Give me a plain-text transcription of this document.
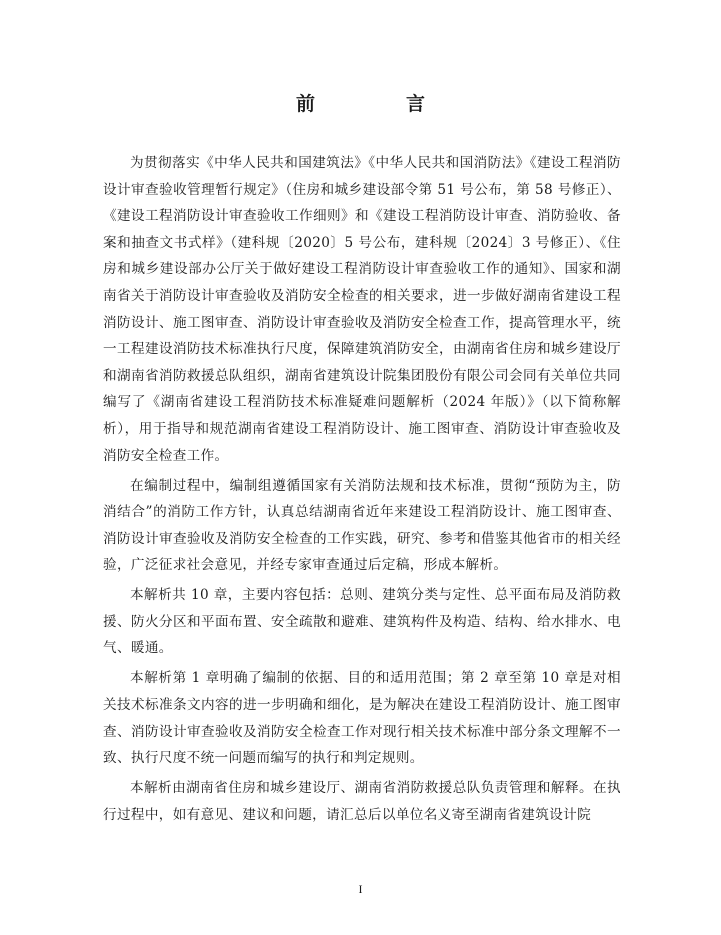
前　言

为贯彻落实《中华人民共和国建筑法》《中华人民共和国消防法》《建设工程消防设计审查验收管理暂行规定》（住房和城乡建设部令第 51 号公布，第 58 号修正）、《建设工程消防设计审查验收工作细则》和《建设工程消防设计审查、消防验收、备案和抽查文书式样》（建科规〔2020〕5 号公布，建科规〔2024〕3 号修正）、《住房和城乡建设部办公厅关于做好建设工程消防设计审查验收工作的通知》、国家和湖南省关于消防设计审查验收及消防安全检查的相关要求，进一步做好湖南省建设工程消防设计、施工图审查、消防设计审查验收及消防安全检查工作，提高管理水平，统一工程建设消防技术标准执行尺度，保障建筑消防安全，由湖南省住房和城乡建设厅和湖南省消防救援总队组织，湖南省建筑设计院集团股份有限公司会同有关单位共同编写了《湖南省建设工程消防技术标准疑难问题解析（2024 年版）》（以下简称解析），用于指导和规范湖南省建设工程消防设计、施工图审查、消防设计审查验收及消防安全检查工作。

在编制过程中，编制组遵循国家有关消防法规和技术标准，贯彻“预防为主，防消结合”的消防工作方针，认真总结湖南省近年来建设工程消防设计、施工图审查、消防设计审查验收及消防安全检查的工作实践，研究、参考和借鉴其他省市的相关经验，广泛征求社会意见，并经专家审查通过后定稿，形成本解析。

本解析共 10 章，主要内容包括：总则、建筑分类与定性、总平面布局及消防救援、防火分区和平面布置、安全疏散和避难、建筑构件及构造、结构、给水排水、电气、暖通。

本解析第 1 章明确了编制的依据、目的和适用范围；第 2 章至第 10 章是对相关技术标准条文内容的进一步明确和细化，是为解决在建设工程消防设计、施工图审查、消防设计审查验收及消防安全检查工作对现行相关技术标准中部分条文理解不一致、执行尺度不统一问题而编写的执行和判定规则。

本解析由湖南省住房和城乡建设厅、湖南省消防救援总队负责管理和解释。在执行过程中，如有意见、建议和问题，请汇总后以单位名义寄至湖南省建筑设计院

I
